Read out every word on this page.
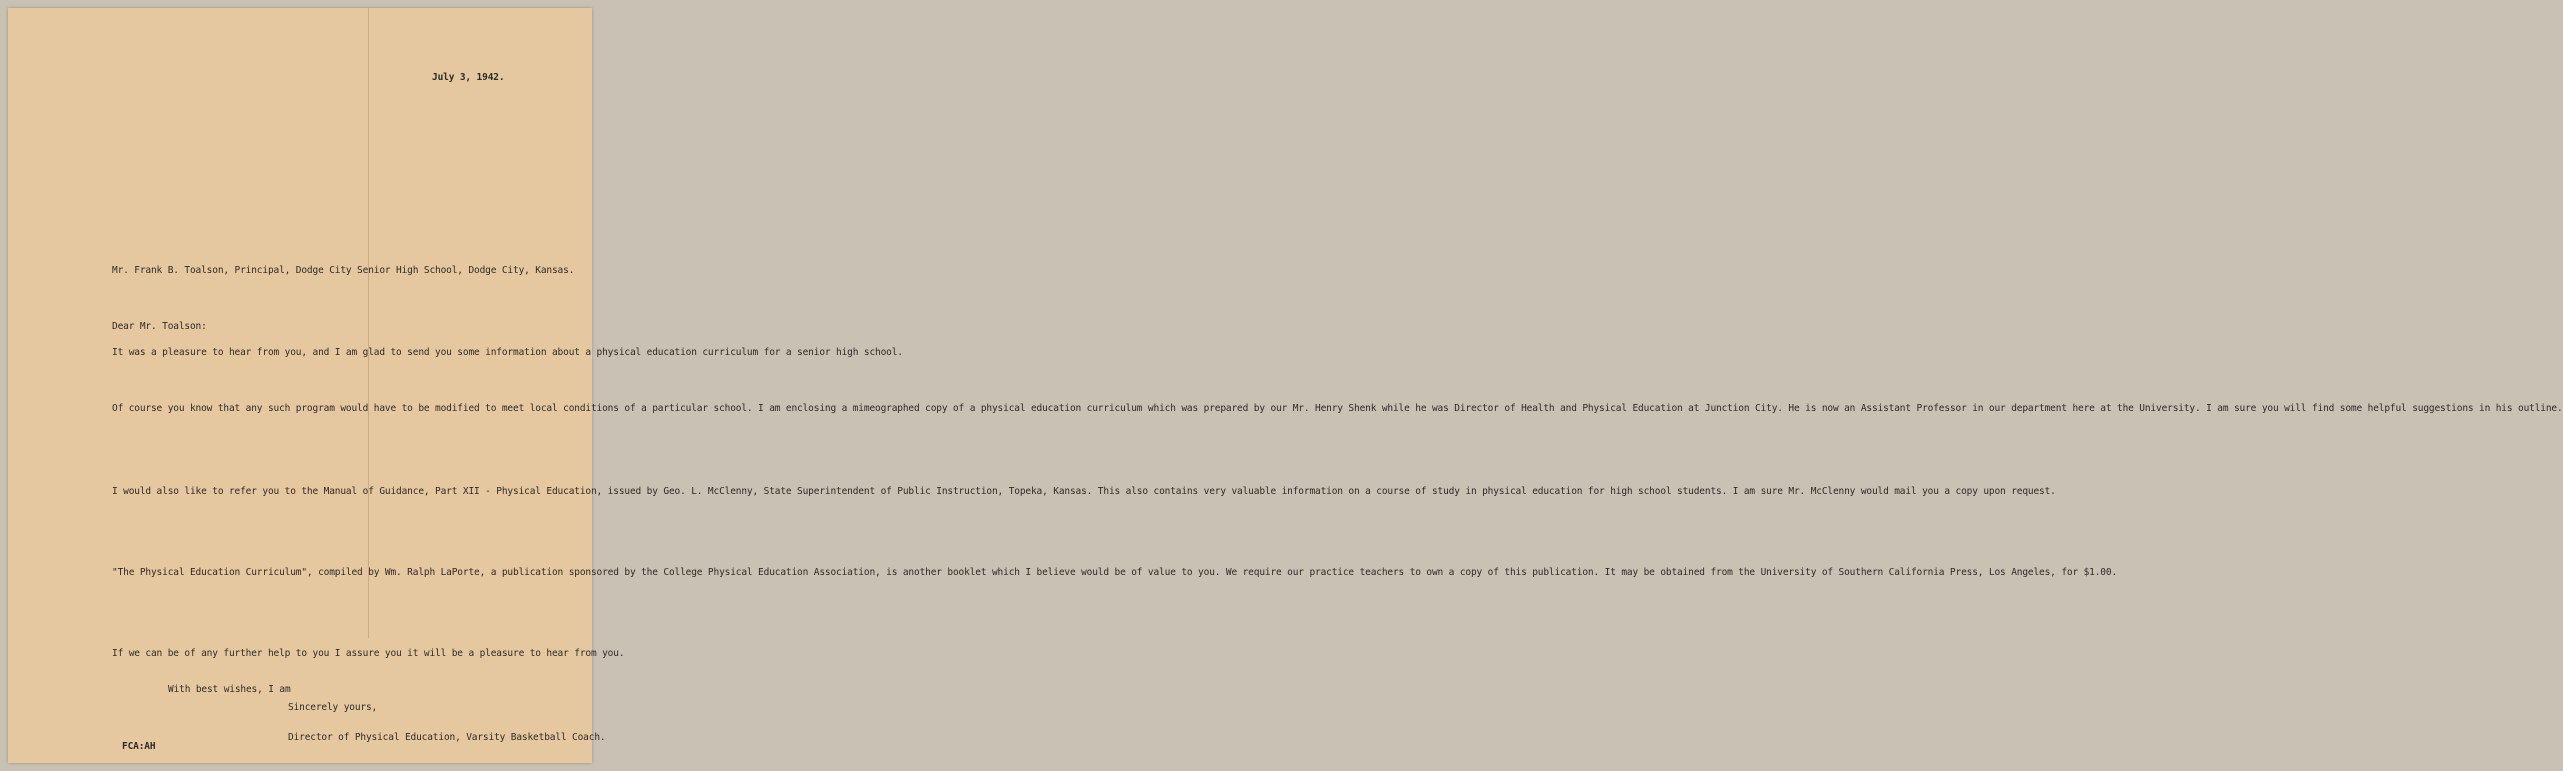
July 3, 1942.
Mr. Frank B. Toalson, Principal, Dodge City Senior High School, Dodge City, Kansas.
Dear Mr. Toalson:
It was a pleasure to hear from you, and I am glad to send you some information about a physical education curriculum for a senior high school.
Of course you know that any such program would have to be modified to meet local conditions of a particular school. I am enclosing a mimeographed copy of a physical education curriculum which was prepared by our Mr. Henry Shenk while he was Director of Health and Physical Education at Junction City. He is now an Assistant Professor in our department here at the University. I am sure you will find some helpful suggestions in his outline.
I would also like to refer you to the Manual of Guidance, Part XII - Physical Education, issued by Geo. L. McClenny, State Superintendent of Public Instruction, Topeka, Kansas. This also contains very valuable information on a course of study in physical education for high school students. I am sure Mr. McClenny would mail you a copy upon request.
"The Physical Education Curriculum", compiled by Wm. Ralph LaPorte, a publication sponsored by the College Physical Education Association, is another booklet which I believe would be of value to you. We require our practice teachers to own a copy of this publication. It may be obtained from the University of Southern California Press, Los Angeles, for $1.00.
If we can be of any further help to you I assure you it will be a pleasure to hear from you.
With best wishes, I am
Sincerely yours,
Director of Physical Education, Varsity Basketball Coach.
FCA:AH
